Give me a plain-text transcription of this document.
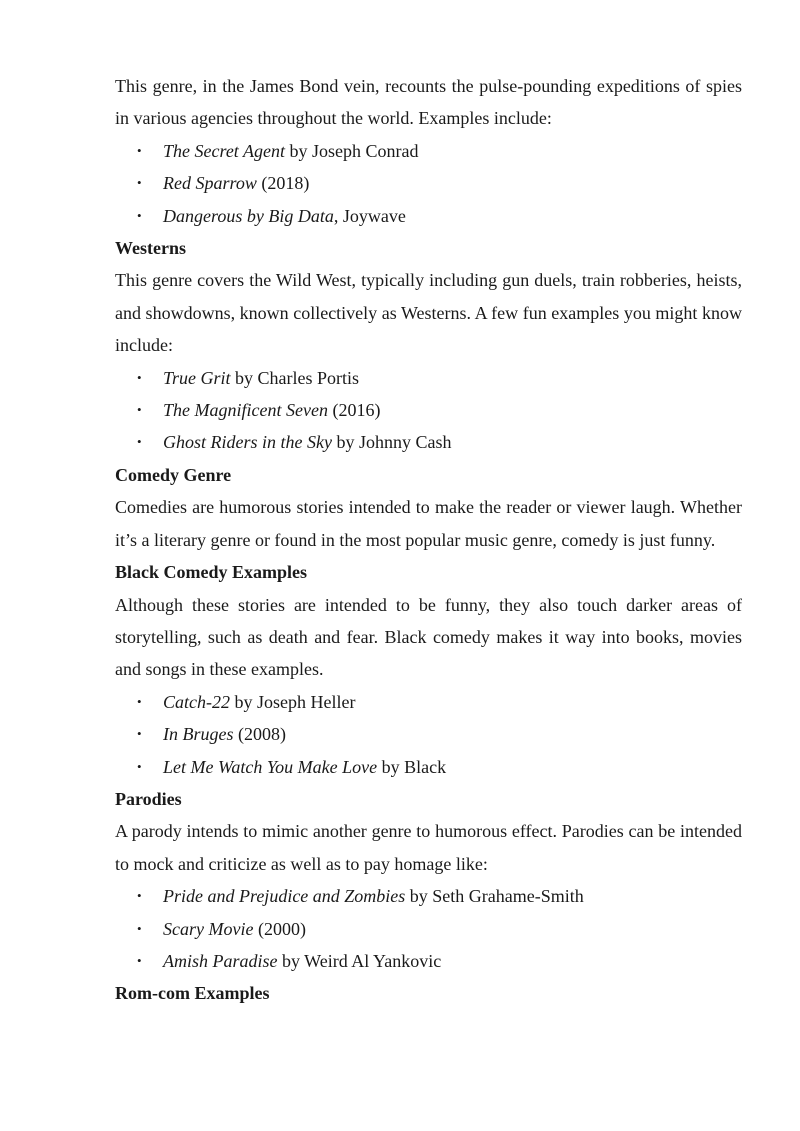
This genre, in the James Bond vein, recounts the pulse-pounding expeditions of spies in various agencies throughout the world. Examples include:

• The Secret Agent by Joseph Conrad
• Red Sparrow (2018)
• Dangerous by Big Data, Joywave
Westerns

This genre covers the Wild West, typically including gun duels, train robberies, heists, and showdowns, known collectively as Westerns. A few fun examples you might know include:

• True Grit by Charles Portis
• The Magnificent Seven (2016)
• Ghost Riders in the Sky by Johnny Cash
Comedy Genre

Comedies are humorous stories intended to make the reader or viewer laugh. Whether it’s a literary genre or found in the most popular music genre, comedy is just funny.

Black Comedy Examples

Although these stories are intended to be funny, they also touch darker areas of storytelling, such as death and fear. Black comedy makes it way into books, movies and songs in these examples.

• Catch-22 by Joseph Heller
• In Bruges (2008)
• Let Me Watch You Make Love by Black
Parodies

A parody intends to mimic another genre to humorous effect. Parodies can be intended to mock and criticize as well as to pay homage like:

• Pride and Prejudice and Zombies by Seth Grahame-Smith
• Scary Movie (2000)
• Amish Paradise by Weird Al Yankovic
Rom-com Examples
